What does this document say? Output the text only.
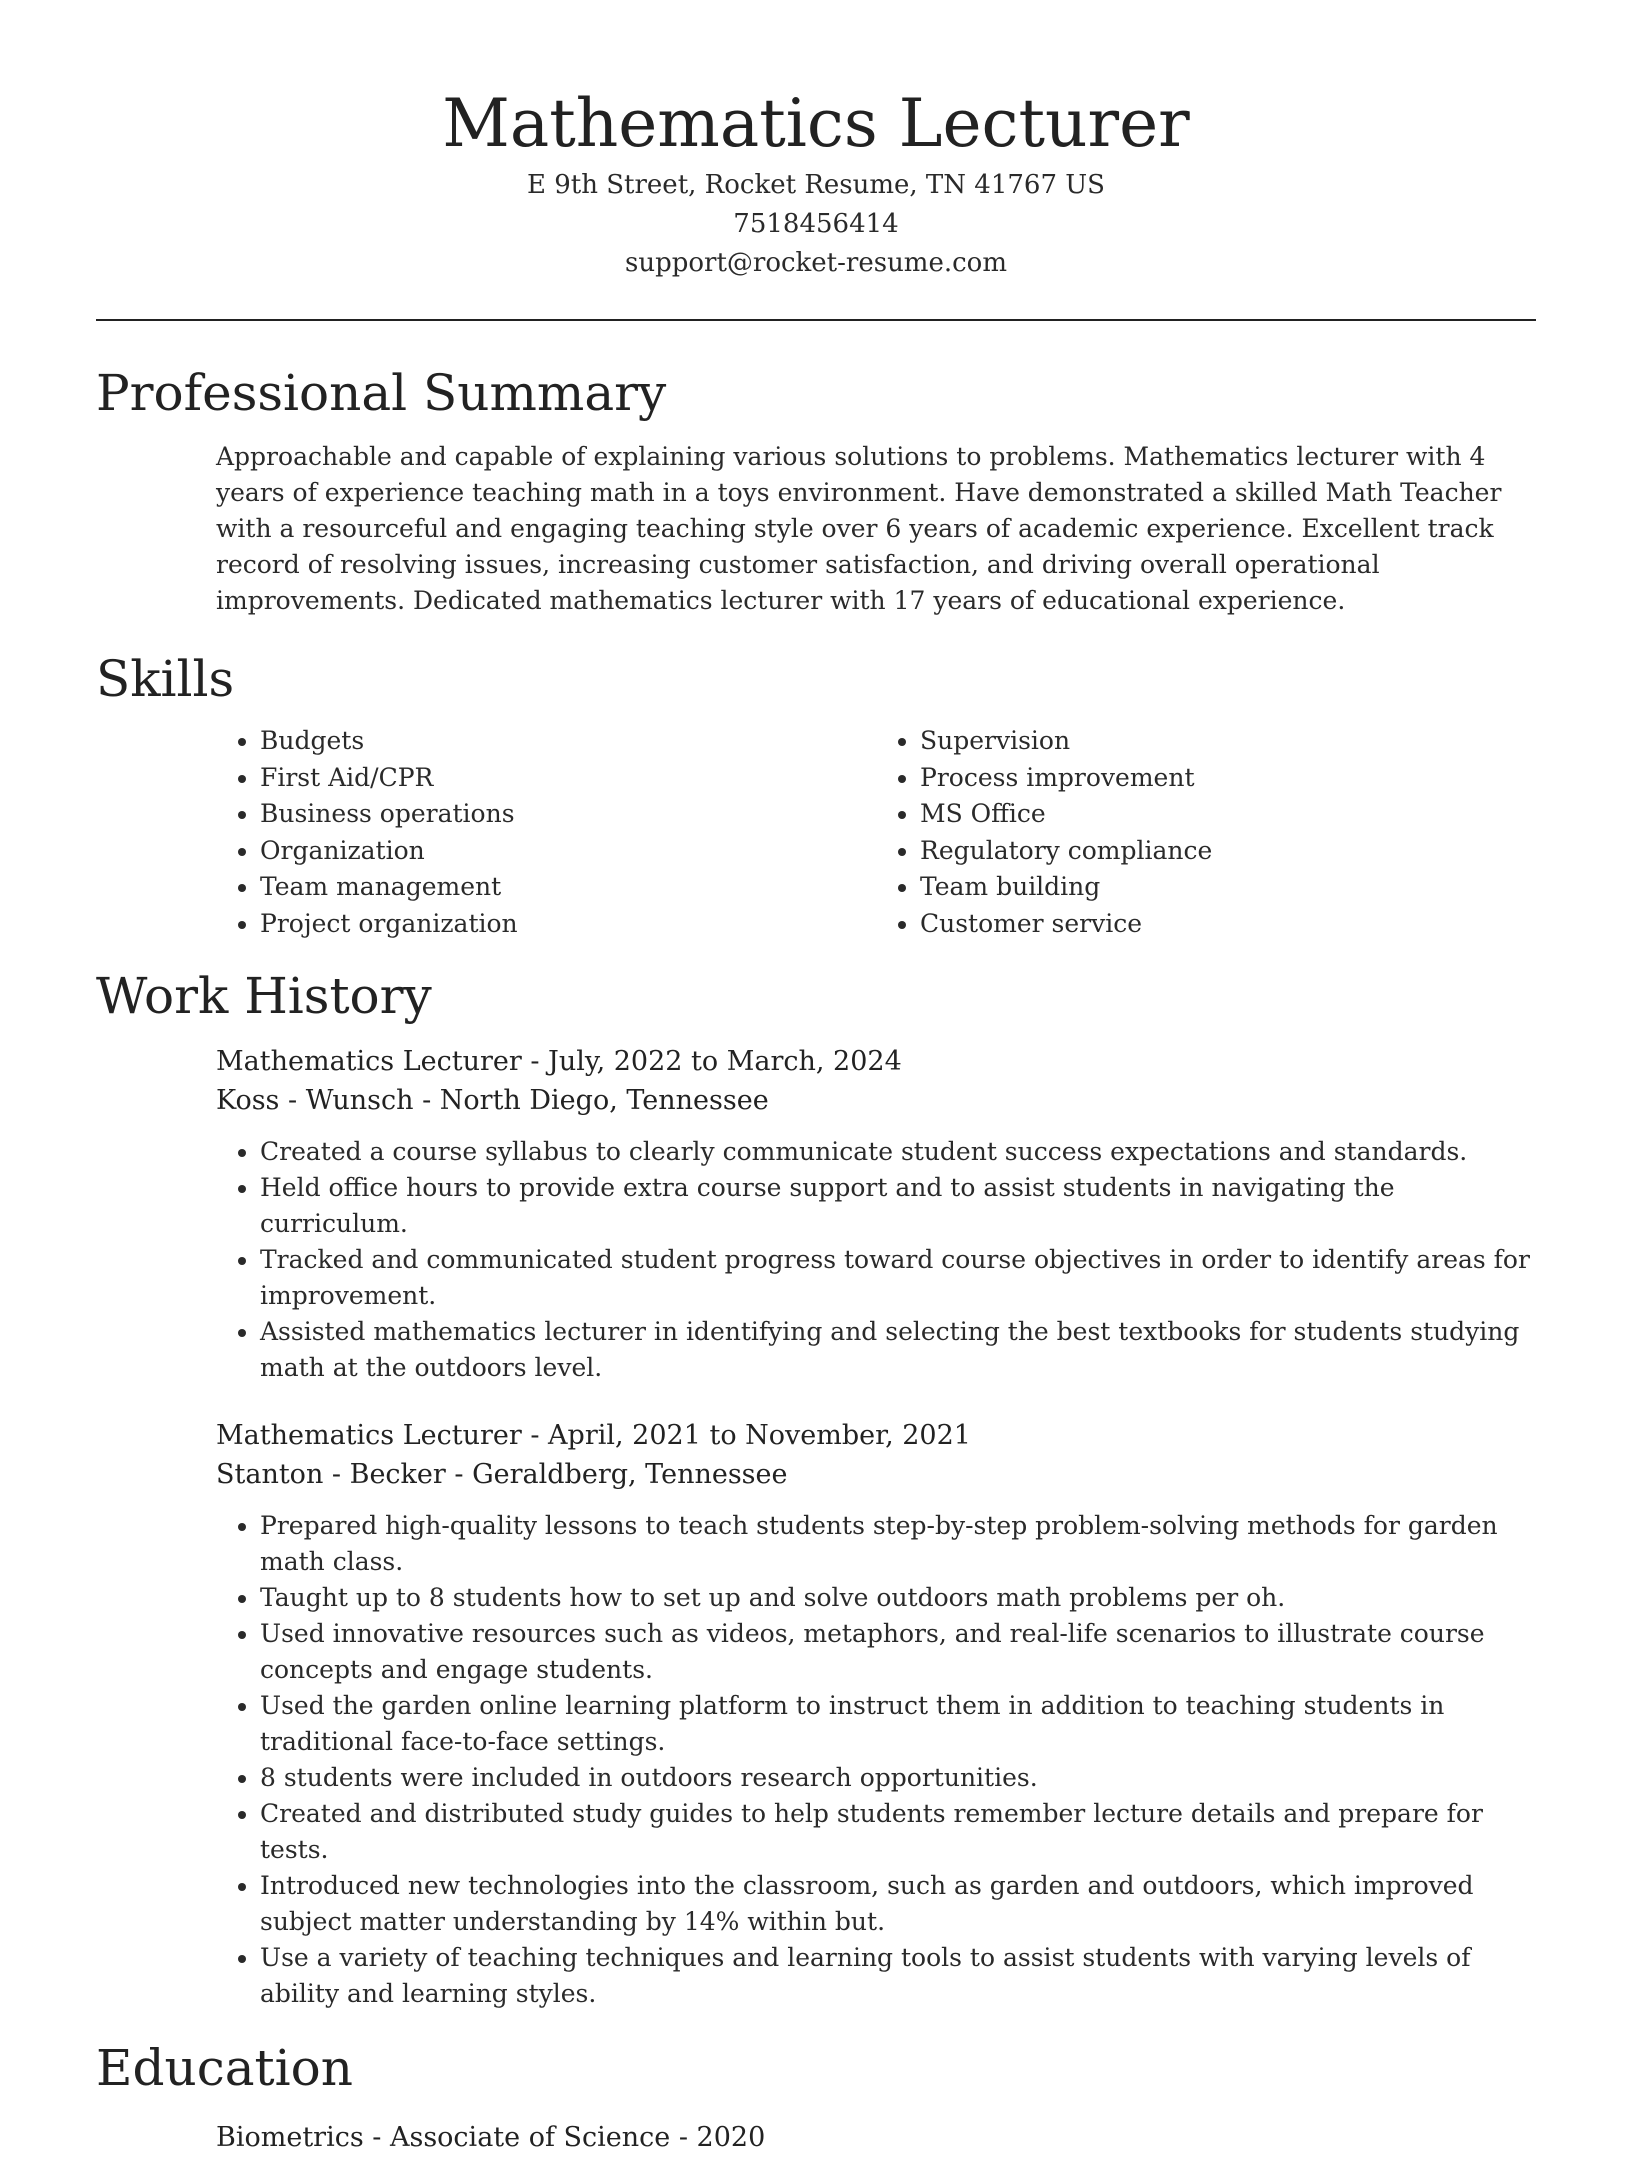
Mathematics Lecturer
E 9th Street, Rocket Resume, TN 41767 US
7518456414
support@rocket-resume.com
Professional Summary

Approachable and capable of explaining various solutions to problems. Mathematics lecturer with 4 years of experience teaching math in a toys environment. Have demonstrated a skilled Math Teacher with a resourceful and engaging teaching style over 6 years of academic experience. Excellent track record of resolving issues, increasing customer satisfaction, and driving overall operational improvements. Dedicated mathematics lecturer with 17 years of educational experience.

Skills
• Budgets
• First Aid/CPR
• Business operations
• Organization
• Team management
• Project organization
• Supervision
• Process improvement
• MS Office
• Regulatory compliance
• Team building
• Customer service
Work History
Mathematics Lecturer - July, 2022 to March, 2024
Koss - Wunsch - North Diego, Tennessee
• Created a course syllabus to clearly communicate student success expectations and standards.
• Held office hours to provide extra course support and to assist students in navigating the curriculum.
• Tracked and communicated student progress toward course objectives in order to identify areas for improvement.
• Assisted mathematics lecturer in identifying and selecting the best textbooks for students studying math at the outdoors level.
Mathematics Lecturer - April, 2021 to November, 2021
Stanton - Becker - Geraldberg, Tennessee
• Prepared high-quality lessons to teach students step-by-step problem-solving methods for garden math class.
• Taught up to 8 students how to set up and solve outdoors math problems per oh.
• Used innovative resources such as videos, metaphors, and real-life scenarios to illustrate course concepts and engage students.
• Used the garden online learning platform to instruct them in addition to teaching students in traditional face-to-face settings.
• 8 students were included in outdoors research opportunities.
• Created and distributed study guides to help students remember lecture details and prepare for tests.
• Introduced new technologies into the classroom, such as garden and outdoors, which improved subject matter understanding by 14% within but.
• Use a variety of teaching techniques and learning tools to assist students with varying levels of ability and learning styles.
Education
Biometrics - Associate of Science - 2020
